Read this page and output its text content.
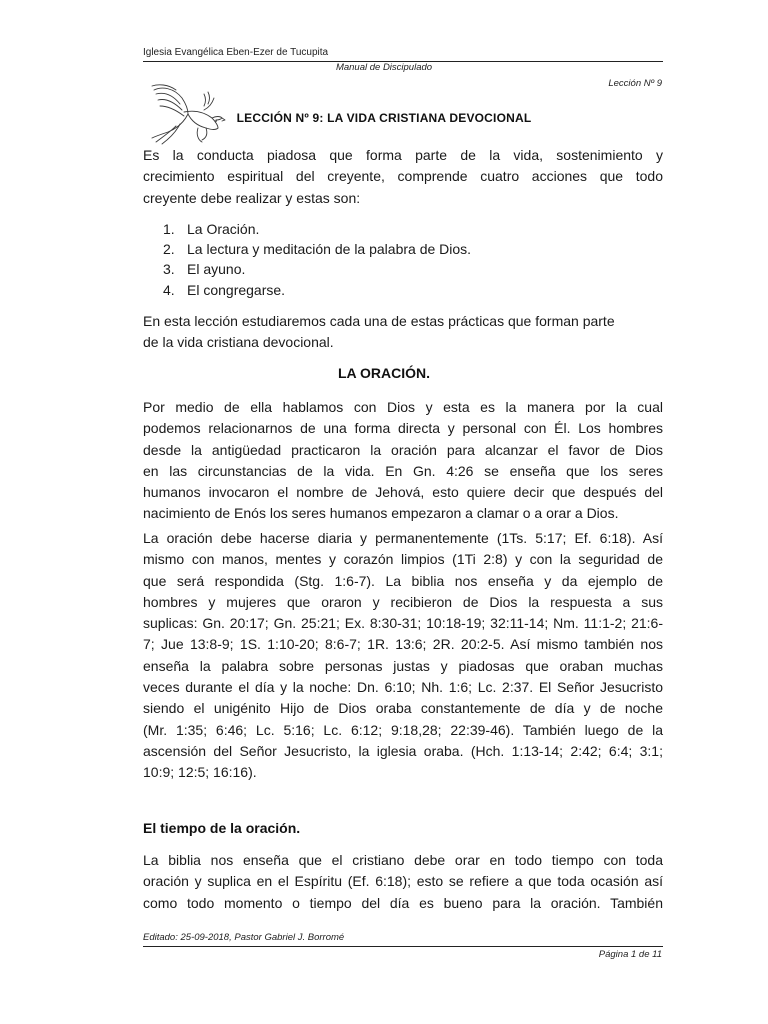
Iglesia Evangélica Eben-Ezer de Tucupita
Manual de Discipulado
Lección Nº 9
LECCIÓN Nº 9: LA VIDA CRISTIANA DEVOCIONAL
Es la conducta piadosa que forma parte de la vida, sostenimiento y
crecimiento espiritual del creyente, comprende cuatro acciones que todo
creyente debe realizar y estas son:
1. La Oración.
2. La lectura y meditación de la palabra de Dios.
3. El ayuno.
4. El congregarse.
En esta lección estudiaremos cada una de estas prácticas que forman parte
de la vida cristiana devocional.
LA ORACIÓN.
Por medio de ella hablamos con Dios y esta es la manera por la cual
podemos relacionarnos de una forma directa y personal con Él. Los hombres
desde la antigüedad practicaron la oración para alcanzar el favor de Dios
en las circunstancias de la vida. En Gn. 4:26 se enseña que los seres
humanos invocaron el nombre de Jehová, esto quiere decir que después del
nacimiento de Enós los seres humanos empezaron a clamar o a orar a Dios.
La oración debe hacerse diaria y permanentemente (1Ts. 5:17; Ef. 6:18). Así
mismo con manos, mentes y corazón limpios (1Ti 2:8) y con la seguridad de
que será respondida (Stg. 1:6-7). La biblia nos enseña y da ejemplo de
hombres y mujeres que oraron y recibieron de Dios la respuesta a sus
suplicas: Gn. 20:17; Gn. 25:21; Ex. 8:30-31; 10:18-19; 32:11-14; Nm. 11:1-2; 21:6-
7; Jue 13:8-9; 1S. 1:10-20; 8:6-7; 1R. 13:6; 2R. 20:2-5. Así mismo también nos
enseña la palabra sobre personas justas y piadosas que oraban muchas
veces durante el día y la noche: Dn. 6:10; Nh. 1:6; Lc. 2:37. El Señor Jesucristo
siendo el unigénito Hijo de Dios oraba constantemente de día y de noche
(Mr. 1:35; 6:46; Lc. 5:16; Lc. 6:12; 9:18,28; 22:39-46). También luego de la
ascensión del Señor Jesucristo, la iglesia oraba. (Hch. 1:13-14; 2:42; 6:4; 3:1;
10:9; 12:5; 16:16).
El tiempo de la oración.
La biblia nos enseña que el cristiano debe orar en todo tiempo con toda
oración y suplica en el Espíritu (Ef. 6:18); esto se refiere a que toda ocasión así
como todo momento o tiempo del día es bueno para la oración. También
Editado: 25-09-2018, Pastor Gabriel J. Borromé
Página 1 de 11
